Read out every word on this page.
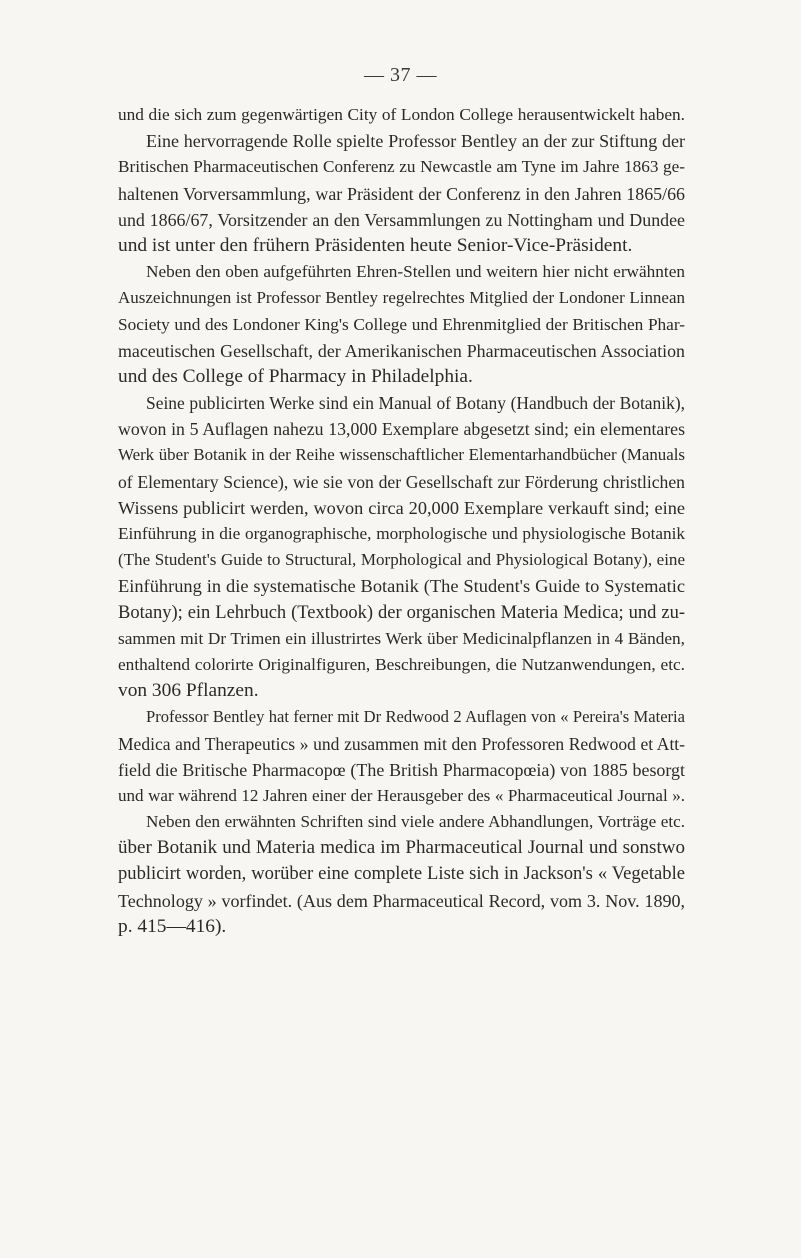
— 37 —
und die sich zum gegenwärtigen City of London College herausentwickelt haben.
Eine hervorragende Rolle spielte Professor Bentley an der zur Stiftung der
Britischen Pharmaceutischen Conferenz zu Newcastle am Tyne im Jahre 1863 ge-
haltenen Vorversammlung, war Präsident der Conferenz in den Jahren 1865/66
und 1866/67, Vorsitzender an den Versammlungen zu Nottingham und Dundee
und ist unter den frühern Präsidenten heute Senior-Vice-Präsident.
Neben den oben aufgeführten Ehren-Stellen und weitern hier nicht erwähnten
Auszeichnungen ist Professor Bentley regelrechtes Mitglied der Londoner Linnean
Society und des Londoner King's College und Ehrenmitglied der Britischen Phar-
maceutischen Gesellschaft, der Amerikanischen Pharmaceutischen Association
und des College of Pharmacy in Philadelphia.
Seine publicirten Werke sind ein Manual of Botany (Handbuch der Botanik),
wovon in 5 Auflagen nahezu 13,000 Exemplare abgesetzt sind; ein elementares
Werk über Botanik in der Reihe wissenschaftlicher Elementarhandbücher (Manuals
of Elementary Science), wie sie von der Gesellschaft zur Förderung christlichen
Wissens publicirt werden, wovon circa 20,000 Exemplare verkauft sind; eine
Einführung in die organographische, morphologische und physiologische Botanik
(The Student's Guide to Structural, Morphological and Physiological Botany), eine
Einführung in die systematische Botanik (The Student's Guide to Systematic
Botany); ein Lehrbuch (Textbook) der organischen Materia Medica; und zu-
sammen mit Dr Trimen ein illustrirtes Werk über Medicinalpflanzen in 4 Bänden,
enthaltend colorirte Originalfiguren, Beschreibungen, die Nutzanwendungen, etc.
von 306 Pflanzen.
Professor Bentley hat ferner mit Dr Redwood 2 Auflagen von « Pereira's Materia
Medica and Therapeutics » und zusammen mit den Professoren Redwood et Att-
field die Britische Pharmacopœ (The British Pharmacopœia) von 1885 besorgt
und war während 12 Jahren einer der Herausgeber des « Pharmaceutical Journal ».
Neben den erwähnten Schriften sind viele andere Abhandlungen, Vorträge etc.
über Botanik und Materia medica im Pharmaceutical Journal und sonstwo
publicirt worden, worüber eine complete Liste sich in Jackson's « Vegetable
Technology » vorfindet. (Aus dem Pharmaceutical Record, vom 3. Nov. 1890,
p. 415—416).
